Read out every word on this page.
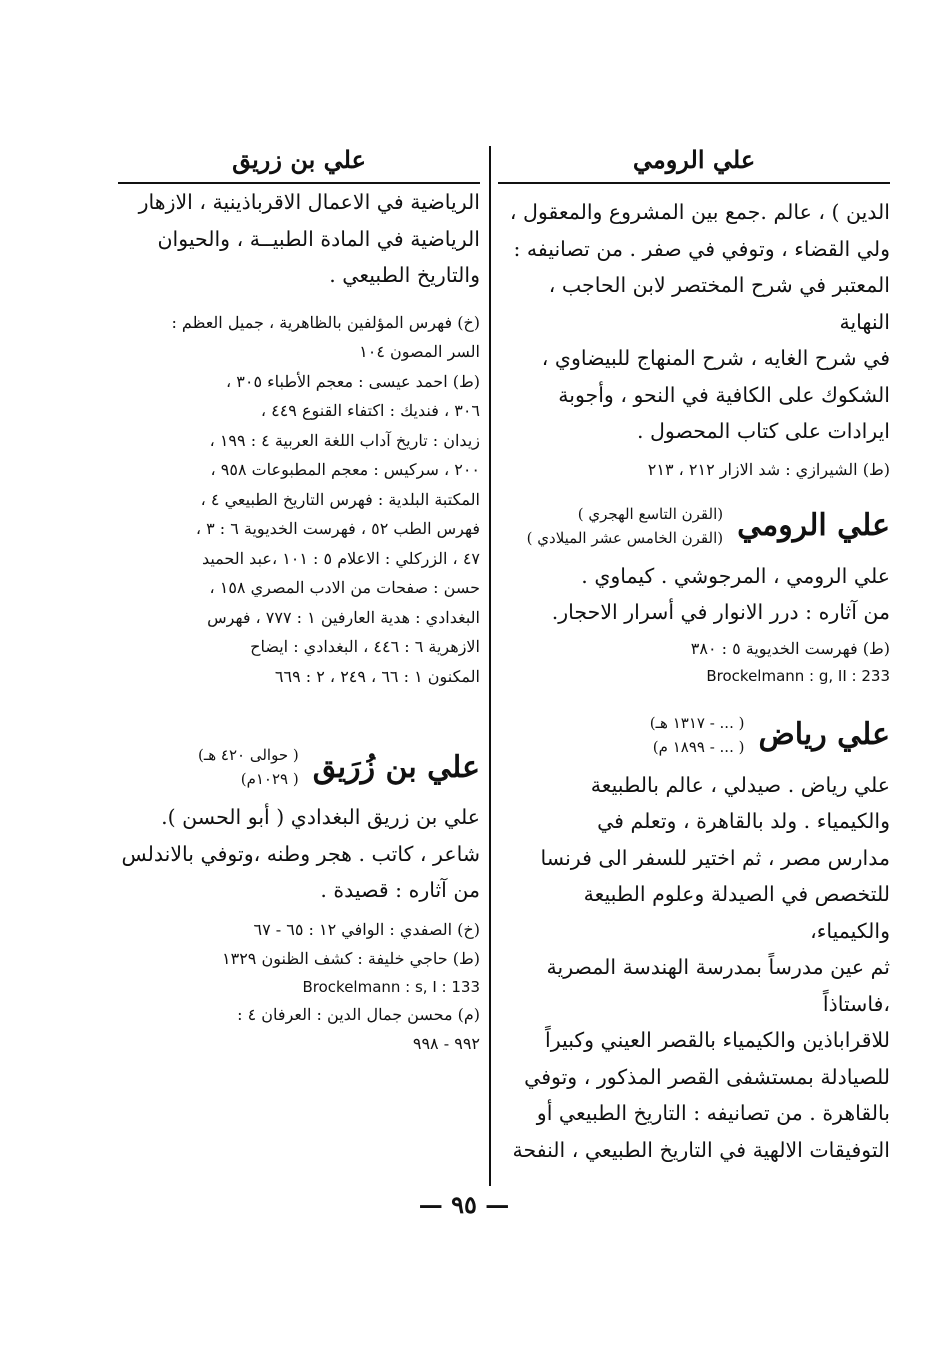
علي الرومي

الدين ) ، عالم .جمع بين المشروع والمعقول ،

ولي القضاء ، وتوفي في صفر . من تصانيفه :

المعتبر في شرح المختصر لابن الحاجب ، النهاية

في شرح الغايه ، شرح المنهاج للبيضاوي ،

الشكوك على الكافية في النحو ، وأجوبة

ايرادات على كتاب المحصول .

(ط) الشيرازي : شد الازار ٢١٢ ، ٢١٣

علي الرومي
(القرن التاسع الهجري )
(القرن الخامس عشر الميلادي )

علي الرومي ، المرجوشي . كيماوي .

من آثاره : درر الانوار في أسرار الاحجار.

(ط) فهرست الخديوية ٥ : ٣٨٠

Brockelmann : g, II : 233

علي رياض
( ... - ١٣١٧ هـ)
( ... - ١٨٩٩ م)

علي رياض . صيدلي ، عالم بالطبيعة

والكيمياء . ولد بالقاهرة ، وتعلم في

مدارس مصر ، ثم اختير للسفر الى فرنسا

للتخصص في الصيدلة وعلوم الطبيعة والكيمياء،

ثم عين مدرساً بمدرسة الهندسة المصرية ،فاستاذاً

للاقراباذين والكيمياء بالقصر العيني وكبيراً

للصيادلة بمستشفى القصر المذكور ، وتوفي

بالقاهرة . من تصانيفه : التاريخ الطبيعي أو

التوفيقات الالهية في التاريخ الطبيعي ، النفحة

علي بن زريق

الرياضية في الاعمال الاقرباذينية ، الازهار

الرياضية في المادة الطبيــة ، والحيوان

والتاريخ الطبيعي .

(خ) فهرس المؤلفين بالظاهرية ، جميل العظم :

السر المصون ١٠٤

(ط) احمد عيسى : معجم الأطباء ٣٠٥ ،

٣٠٦ ، فنديك : اكتفاء القنوع ٤٤٩ ،

زيدان : تاريخ آداب اللغة العربية ٤ : ١٩٩ ،

٢٠٠ ، سركيس : معجم المطبوعات ٩٥٨ ،

المكتبة البلدية : فهرس التاريخ الطبيعي ٤ ،

فهرس الطب ٥٢ ، فهرست الخديوية ٦ : ٣ ،

٤٧ ، الزركلي : الاعلام ٥ : ١٠١ ،عبد الحميد

حسن : صفحات من الادب المصري ١٥٨ ،

البغدادي : هدية العارفين ١ : ٧٧٧ ، فهرس

الازهرية ٦ : ٤٤٦ ، البغدادي : ايضاح

المكنون ١ : ٦٦ ، ٢٤٩ ، ٢ : ٦٦٩

علي بن زُرَيق
( حوالى ٤٢٠ هـ)
( ١٠٢٩م)

علي بن زريق البغدادي ( أبو الحسن ).

شاعر ، كاتب . هجر وطنه ،وتوفي بالاندلس

من آثاره : قصيدة .

(خ) الصفدي : الوافي ١٢ : ٦٥ - ٦٧

(ط) حاجي خليفة : كشف الظنون ١٣٢٩

Brockelmann : s, I : 133

(م) محسن جمال الدين : العرفان ٤ :

٩٩٢ - ٩٩٨

— ٩٥ —
